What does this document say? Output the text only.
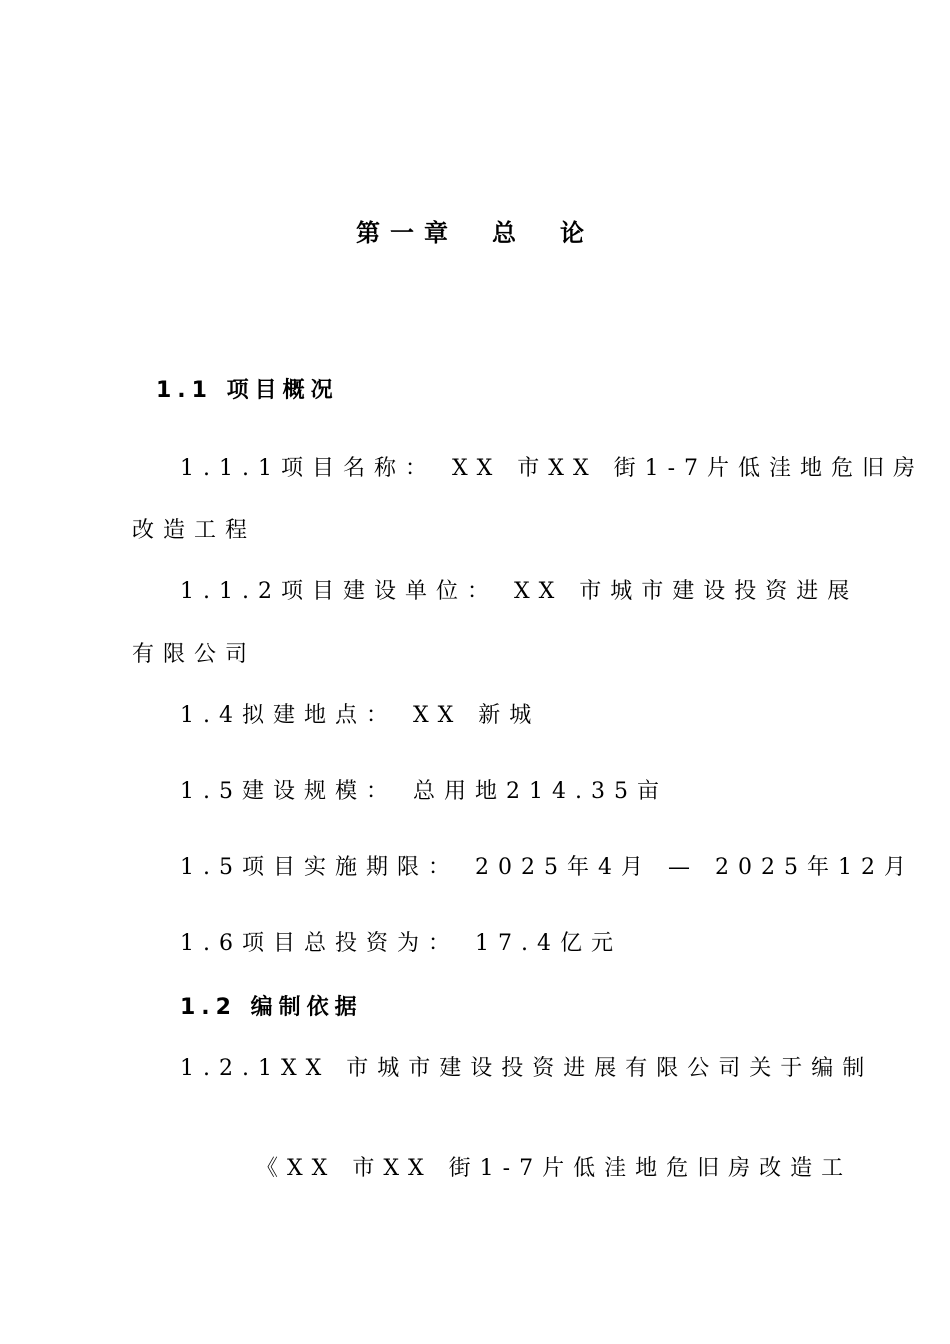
第一章　总　论
1.1 项目概况
1.1.1项目名称： XX 市XX 街1-7片低洼地危旧房
改造工程
1.1.2项目建设单位： XX 市城市建设投资进展
有限公司
1.4拟建地点： XX 新城
1.5建设规模： 总用地214.35亩
1.5项目实施期限： 2025年4月 — 2025年12月
1.6项目总投资为： 17.4亿元
1.2 编制依据
1.2.1XX 市城市建设投资进展有限公司关于编制
《XX 市XX 街1-7片低洼地危旧房改造工
